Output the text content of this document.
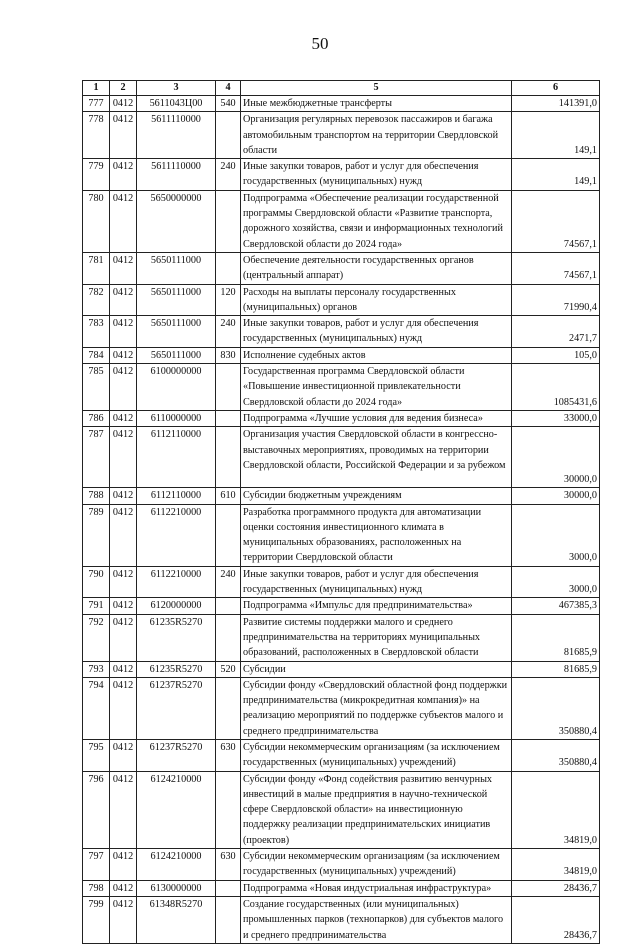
50
1	2	3	4	5	6
777	0412	5611043Ц00	540	Иные межбюджетные трансферты	141391,0
778	0412	5611110000		Организация регулярных перевозок пассажиров и багажа автомобильным транспортом на территории Свердловской области	149,1
779	0412	5611110000	240	Иные закупки товаров, работ и услуг для обеспечения государственных (муниципальных) нужд	149,1
780	0412	5650000000		Подпрограмма «Обеспечение реализации государственной программы Свердловской области «Развитие транспорта, дорожного хозяйства, связи и информационных технологий Свердловской области до 2024 года»	74567,1
781	0412	5650111000		Обеспечение деятельности государственных органов (центральный аппарат)	74567,1
782	0412	5650111000	120	Расходы на выплаты персоналу государственных (муниципальных) органов	71990,4
783	0412	5650111000	240	Иные закупки товаров, работ и услуг для обеспечения государственных (муниципальных) нужд	2471,7
784	0412	5650111000	830	Исполнение судебных актов	105,0
785	0412	6100000000		Государственная программа Свердловской области «Повышение инвестиционной привлекательности Свердловской области до 2024 года»	1085431,6
786	0412	6110000000		Подпрограмма «Лучшие условия для ведения бизнеса»	33000,0
787	0412	6112110000		Организация участия Свердловской области в конгрессно-выставочных мероприятиях, проводимых на территории Свердловской области, Российской Федерации и за рубежом	30000,0
788	0412	6112110000	610	Субсидии бюджетным учреждениям	30000,0
789	0412	6112210000		Разработка программного продукта для автоматизации оценки состояния инвестиционного климата в муниципальных образованиях, расположенных на территории Свердловской области	3000,0
790	0412	6112210000	240	Иные закупки товаров, работ и услуг для обеспечения государственных (муниципальных) нужд	3000,0
791	0412	6120000000		Подпрограмма «Импульс для предпринимательства»	467385,3
792	0412	61235R5270		Развитие системы поддержки малого и среднего предпринимательства на территориях муниципальных образований, расположенных в Свердловской области	81685,9
793	0412	61235R5270	520	Субсидии	81685,9
794	0412	61237R5270		Субсидии фонду «Свердловский областной фонд поддержки предпринимательства (микрокредитная компания)» на реализацию мероприятий по поддержке субъектов малого и среднего предпринимательства	350880,4
795	0412	61237R5270	630	Субсидии некоммерческим организациям (за исключением государственных (муниципальных) учреждений)	350880,4
796	0412	6124210000		Субсидии фонду «Фонд содействия развитию венчурных инвестиций в малые предприятия в научно-технической сфере Свердловской области» на инвестиционную поддержку реализации предпринимательских инициатив (проектов)	34819,0
797	0412	6124210000	630	Субсидии некоммерческим организациям (за исключением государственных (муниципальных) учреждений)	34819,0
798	0412	6130000000		Подпрограмма «Новая индустриальная инфраструктура»	28436,7
799	0412	61348R5270		Создание государственных (или муниципальных) промышленных парков (технопарков) для субъектов малого и среднего предпринимательства	28436,7
